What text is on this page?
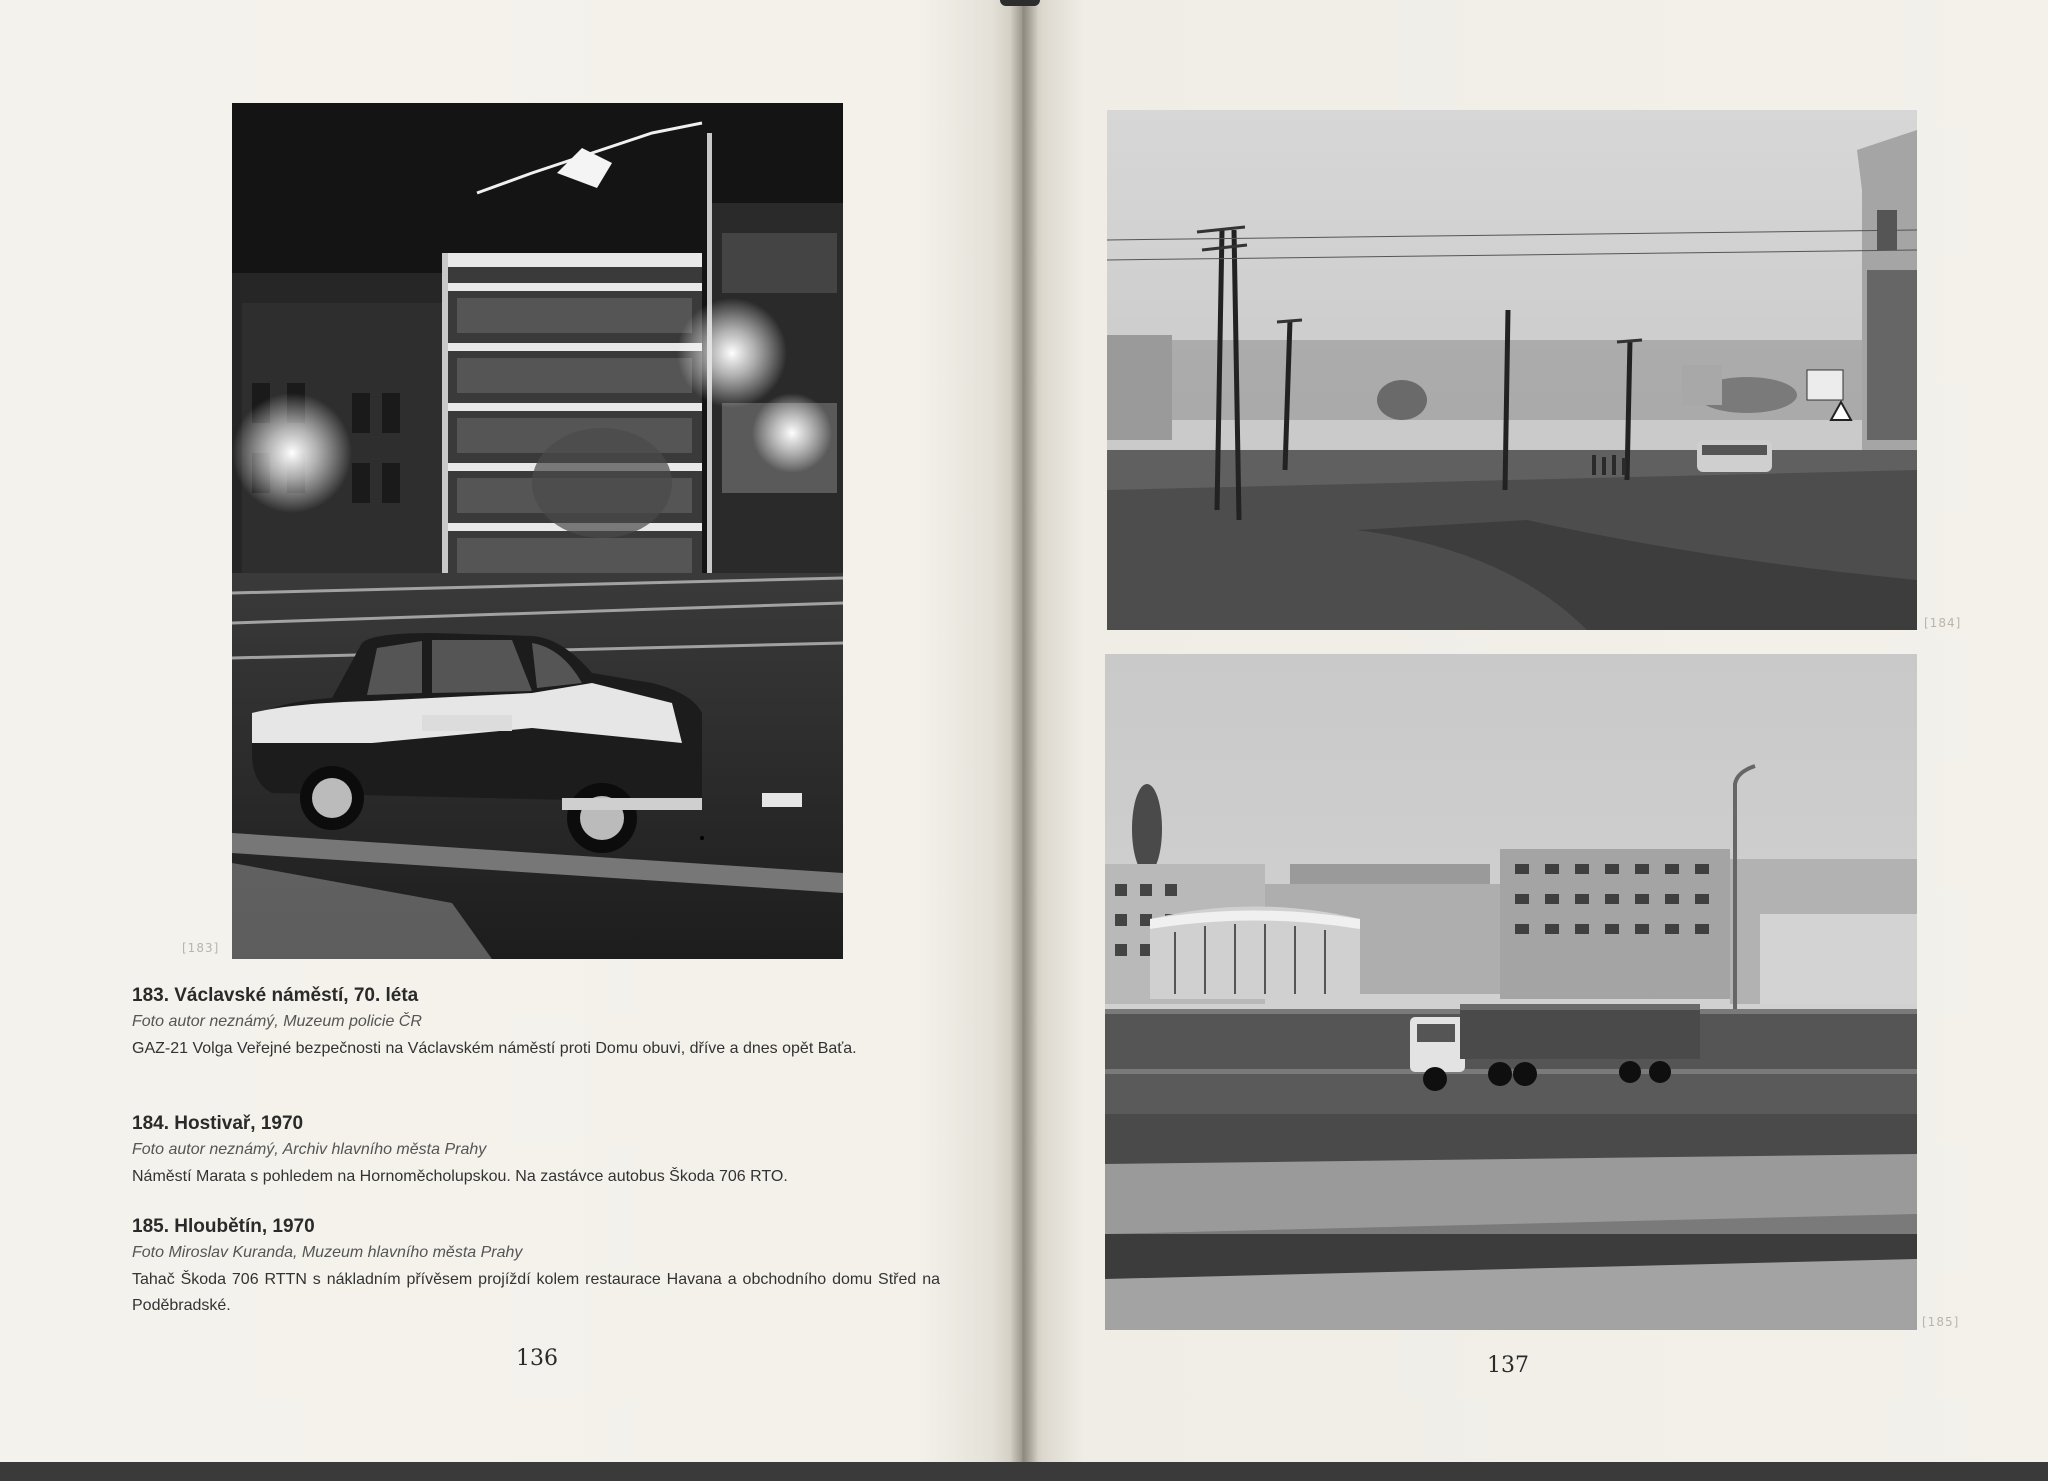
[183]
183. Václavské náměstí, 70. léta
Foto autor neznámý, Muzeum policie ČR
GAZ-21 Volga Veřejné bezpečnosti na Václavském náměstí proti Domu obuvi, dříve a dnes opět Baťa.
184. Hostivař, 1970
Foto autor neznámý, Archiv hlavního města Prahy
Náměstí Marata s pohledem na Hornoměcholupskou. Na zastávce autobus Škoda 706 RTO.
185. Hloubětín, 1970
Foto Miroslav Kuranda, Muzeum hlavního města Prahy
Tahač Škoda 706 RTTN s nákladním přívěsem projíždí kolem restaurace Havana a obchodního domu Střed na Poděbradské.
136
[184]
[185]
137
